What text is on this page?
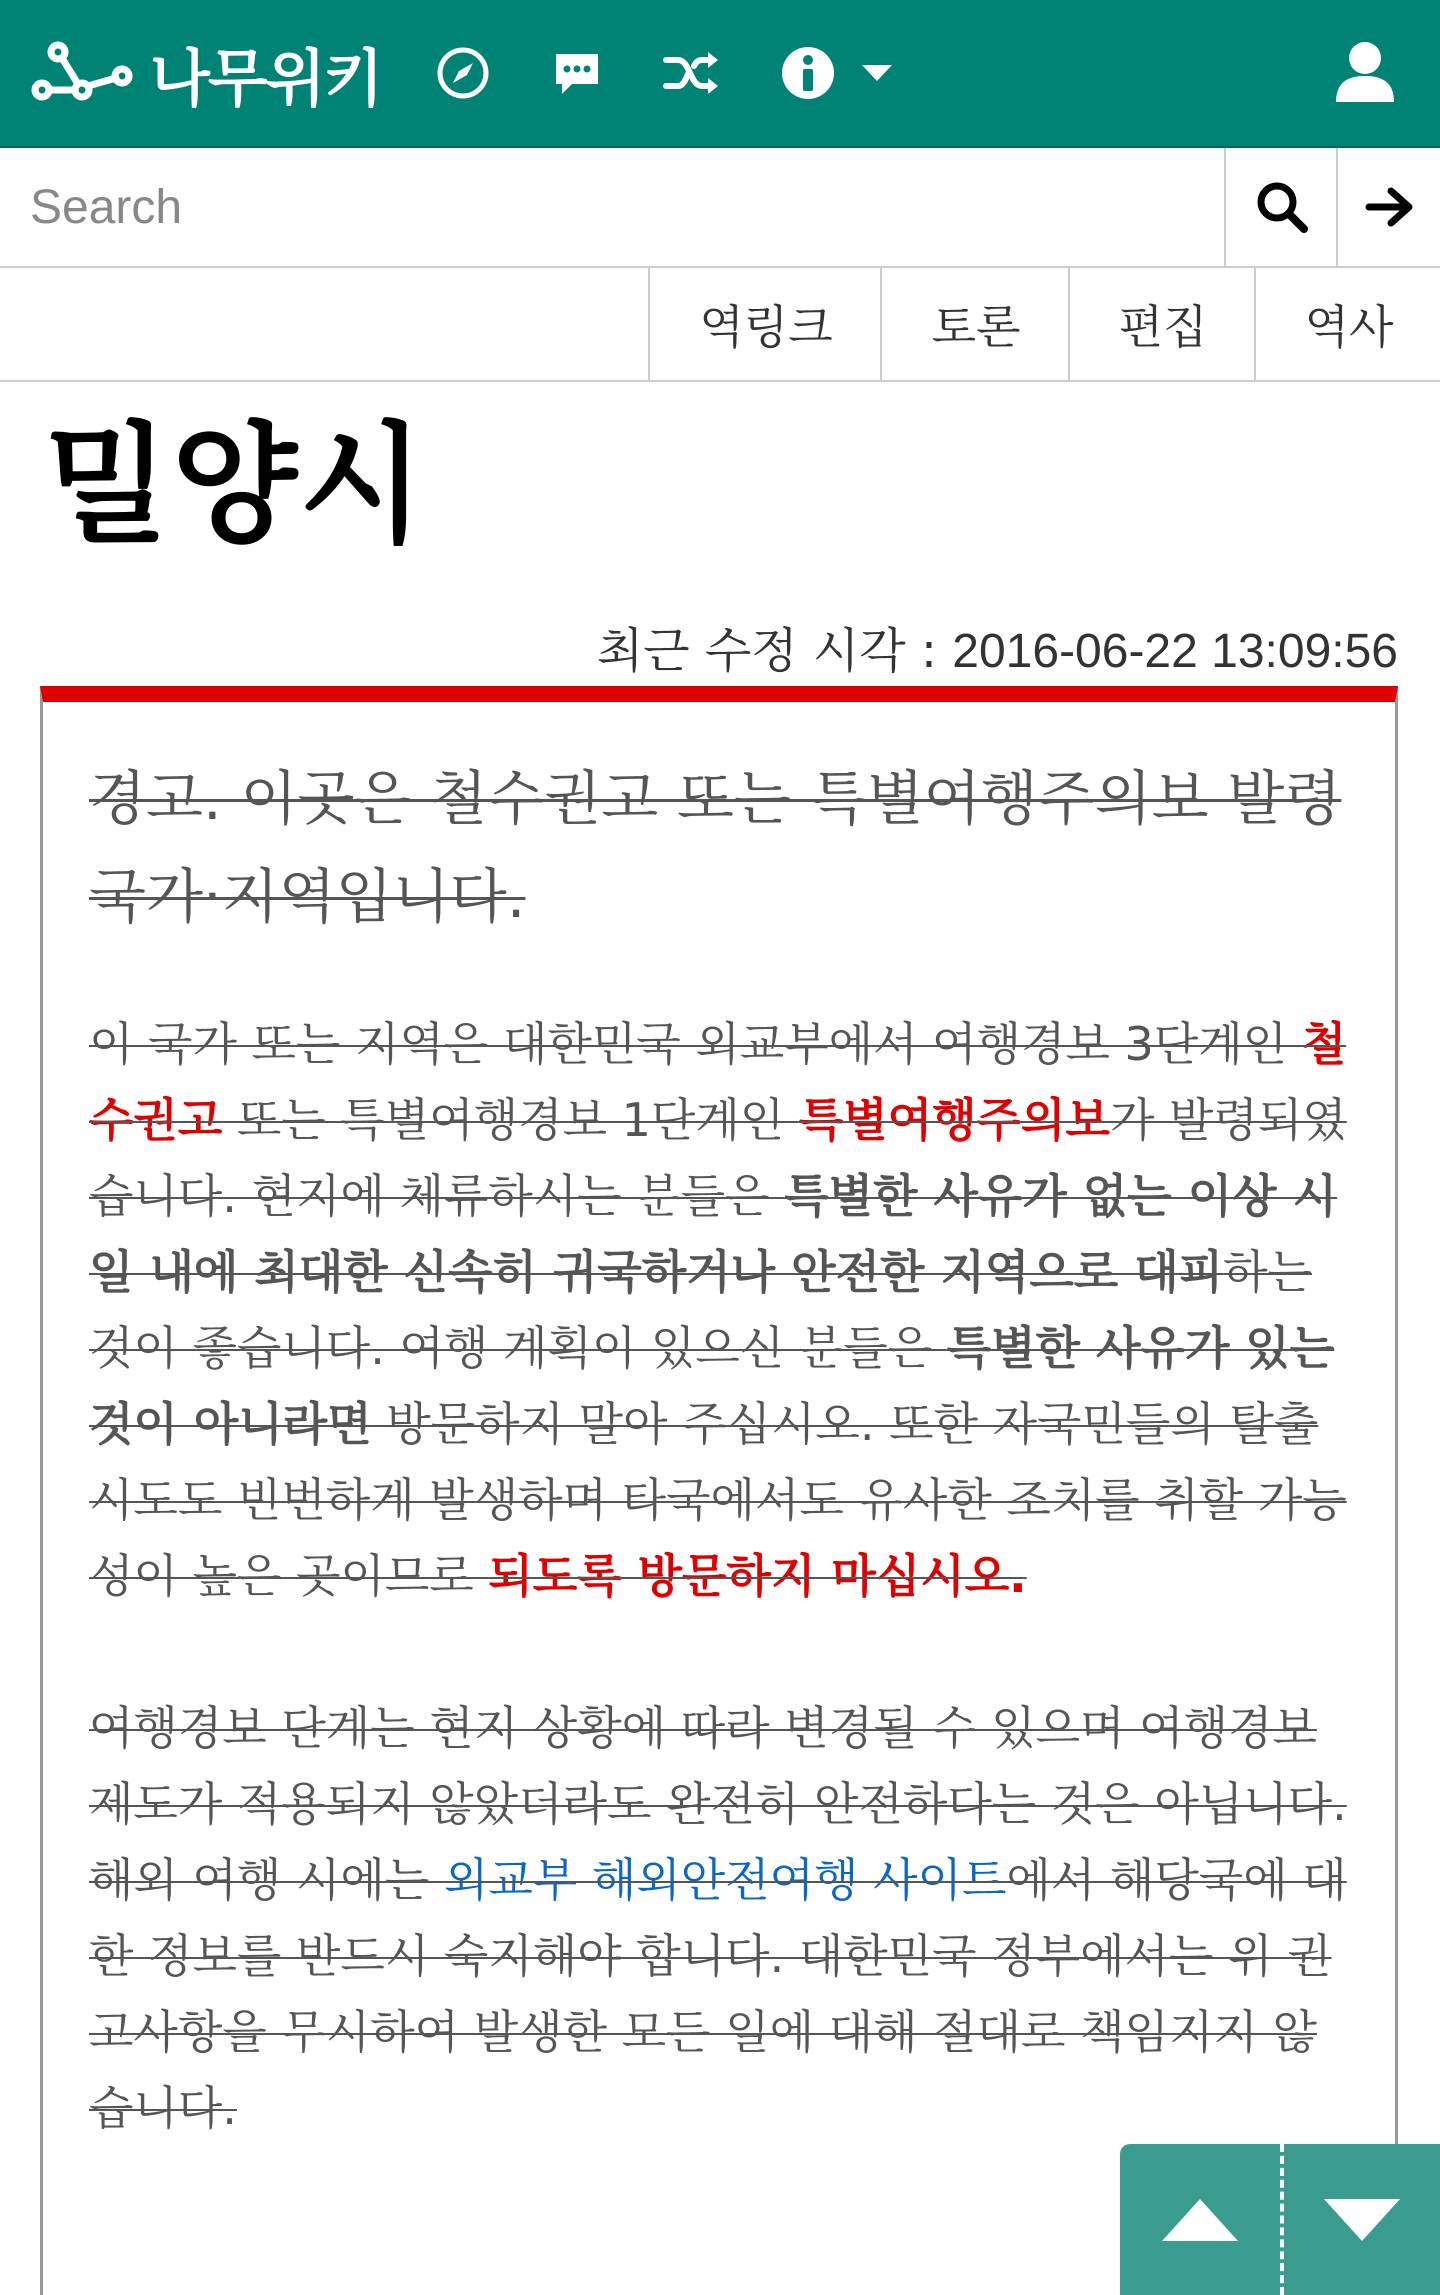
나무위키
Search
역링크 토론 편집 역사
밀양시
최근 수정 시각 : 2016-06-22 13:09:56

경고. 이곳은 철수권고 또는 특별여행주의보 발령 국가·지역입니다.

이 국가 또는 지역은 대한민국 외교부에서 여행경보 3단계인 철수권고 또는 특별여행경보 1단계인 특별여행주의보가 발령되였습니다. 현지에 체류하시는 분들은 특별한 사유가 없는 이상 시일 내에 최대한 신속히 귀국하거나 안전한 지역으로 대피하는 것이 좋습니다. 여행 계획이 있으신 분들은 특별한 사유가 있는 것이 아니라면 방문하지 말아 주십시오. 또한 자국민들의 탈출 시도도 빈번하게 발생하며 타국에서도 유사한 조치를 취할 가능성이 높은 곳이므로 되도록 방문하지 마십시오.

여행경보 단계는 현지 상황에 따라 변경될 수 있으며 여행경보제도가 적용되지 않았더라도 완전히 안전하다는 것은 아닙니다. 해외 여행 시에는 외교부 해외안전여행 사이트에서 해당국에 대한 정보를 반드시 숙지해야 합니다. 대한민국 정부에서는 위 권고사항을 무시하여 발생한 모든 일에 대해 절대로 책임지지 않습니다.
